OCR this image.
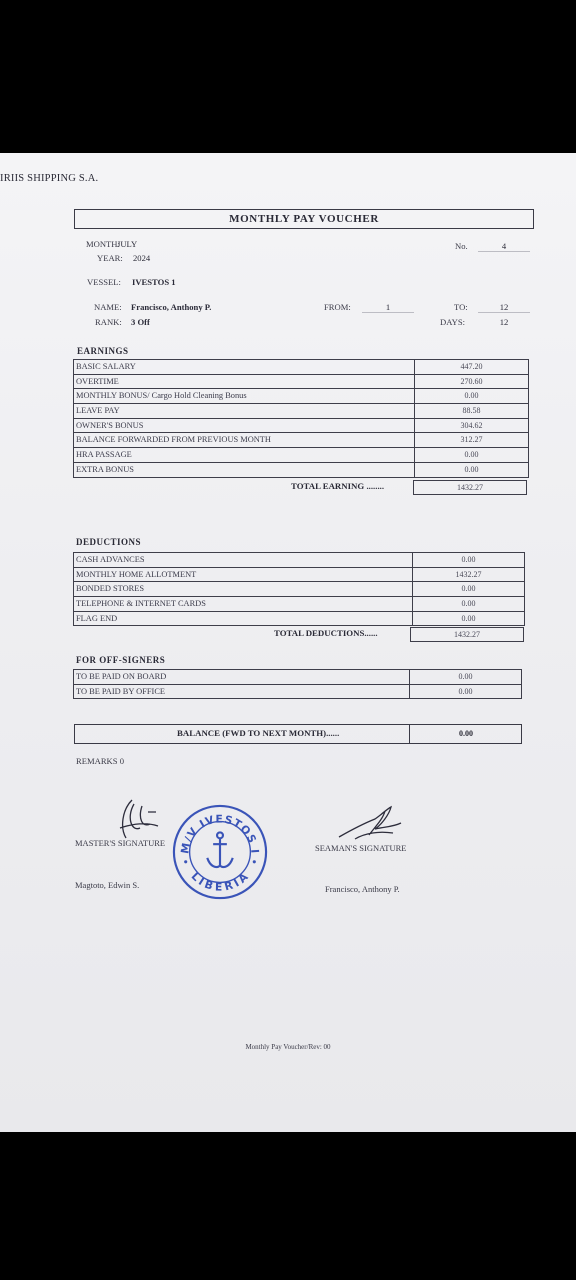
IRIIS SHIPPING S.A.
MONTHLY PAY VOUCHER
MONTH:
JULY
YEAR: 2024
No.	4
VESSEL: IVESTOS 1
NAME: Francisco, Anthony P.
RANK: 3 Off
FROM:	1	TO:	12
DAYS:	12
EARNINGS
BASIC SALARY	447.20
OVERTIME	270.60
MONTHLY BONUS/ Cargo Hold Cleaning Bonus	0.00
LEAVE PAY	88.58
OWNER'S BONUS	304.62
BALANCE FORWARDED FROM PREVIOUS MONTH	312.27
HRA PASSAGE	0.00
EXTRA BONUS	0.00
TOTAL EARNING ........	1432.27
DEDUCTIONS
CASH ADVANCES	0.00
MONTHLY HOME ALLOTMENT	1432.27
BONDED STORES	0.00
TELEPHONE & INTERNET CARDS	0.00
FLAG END	0.00
TOTAL DEDUCTIONS......	1432.27
FOR OFF-SIGNERS
TO BE PAID ON BOARD	0.00
TO BE PAID BY OFFICE	0.00
BALANCE (FWD TO NEXT MONTH)......	0.00
REMARKS 0
MASTER'S SIGNATURE
Magtoto, Edwin S.
M/V IVESTOS I
LIBERIA
SEAMAN'S SIGNATURE
Francisco, Anthony P.
Monthly Pay Voucher/Rev: 00
